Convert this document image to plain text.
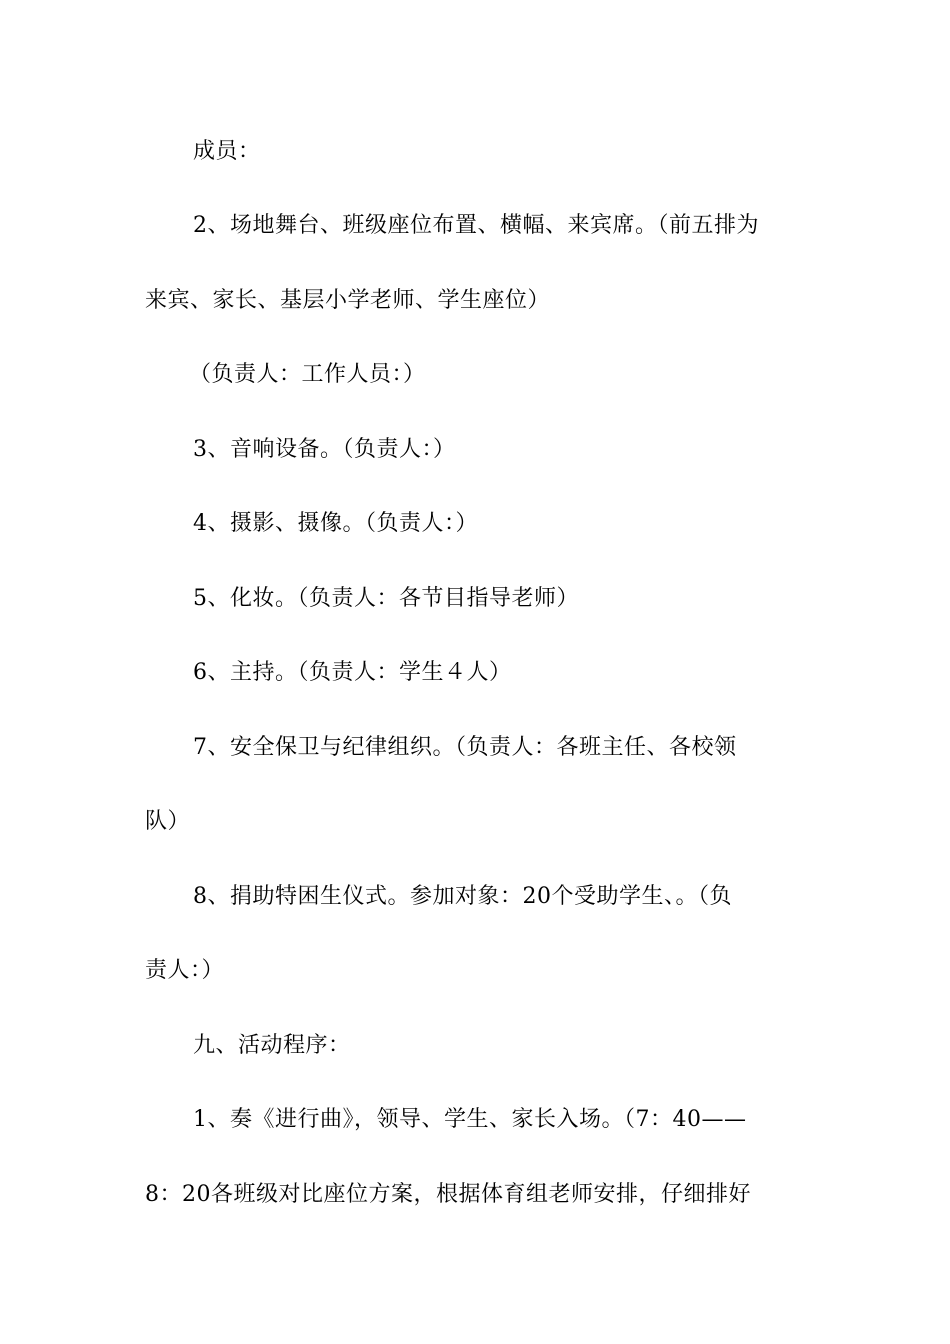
成员：
2、场地舞台、班级座位布置、横幅、来宾席。（前五排为
来宾、家长、基层小学老师、学生座位）
（负责人：工作人员：）
3、音响设备。（负责人：）
4、摄影、摄像。（负责人：）
5、化妆。（负责人：各节目指导老师）
6、主持。（负责人：学生４人）
7、安全保卫与纪律组织。（负责人：各班主任、各校领
队）
8、捐助特困生仪式。参加对象：20个受助学生、。（负
责人：）
九、活动程序：
1、奏《进行曲》，领导、学生、家长入场。（7：40——
8：20各班级对比座位方案，根据体育组老师安排，仔细排好
